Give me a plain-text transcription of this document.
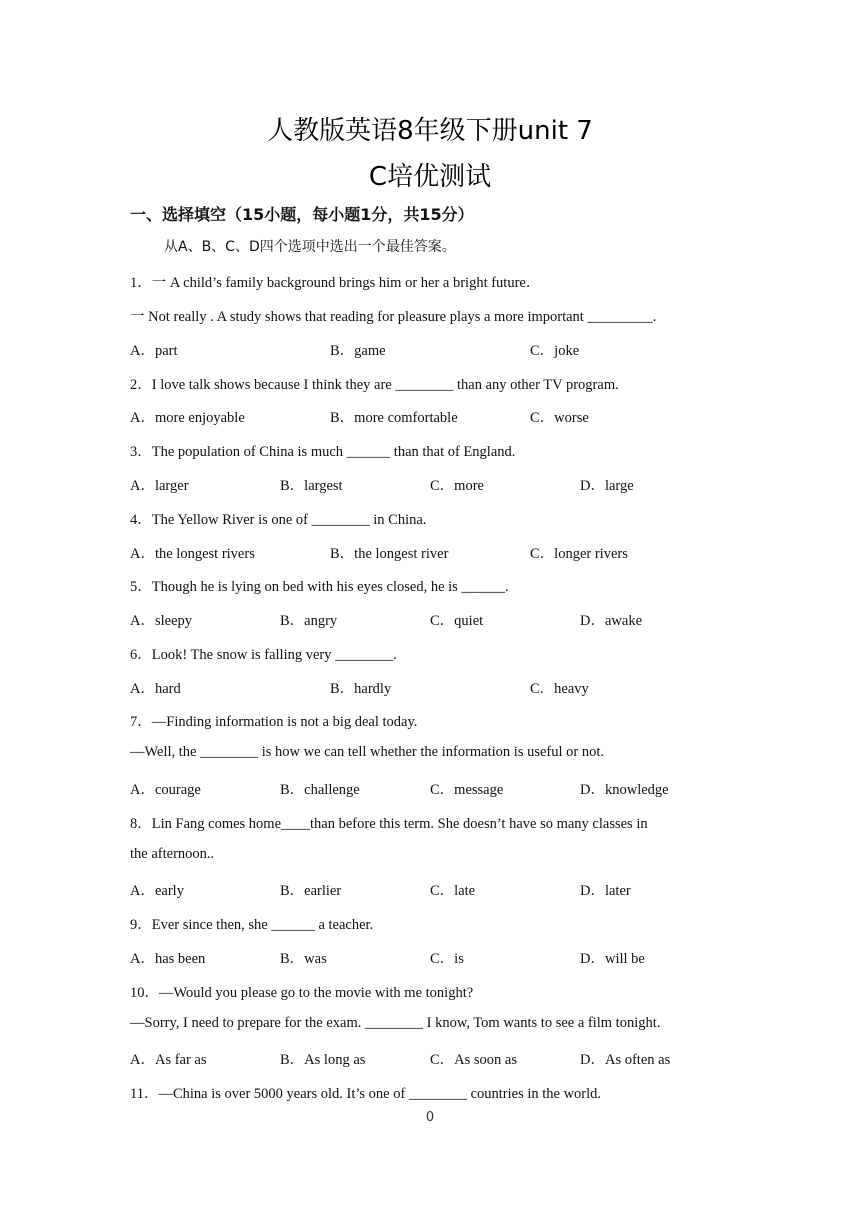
人教版英语8年级下册unit 7
C培优测试
一、选择填空（15小题，每小题1分，共15分）
从A、B、C、D四个选项中选出一个最佳答案。
1．一 A child’s family background brings him or her a bright future．
一 Not really . A study shows that reading for pleasure plays a more important _________.
A．part	B．game	C．joke
2．I love talk shows because I think they are ________ than any other TV program.
A．more enjoyable	B．more comfortable	C．worse
3．The population of China is much ______ than that of England.
A．larger	B．largest	C．more	D．large
4．The Yellow River is one of ________ in China.
A．the longest rivers	B．the longest river	C．longer rivers
5．Though he is lying on bed with his eyes closed, he is ______.
A．sleepy	B．angry	C．quiet	D．awake
6．Look! The snow is falling very ________.
A．hard	B．hardly	C．heavy
7．—Finding information is not a big deal today.
—Well, the ________ is how we can tell whether the information is useful or not.
A．courage	B．challenge	C．message	D．knowledge
8．Lin Fang comes home____than before this term. She doesn’t have so many classes in
the afternoon..
A．early	B．earlier	C．late	D．later
9．Ever since then, she ______ a teacher.
A．has been	B．was	C．is	D．will be
10．—Would you please go to the movie with me tonight?
—Sorry, I need to prepare for the exam. ________ I know, Tom wants to see a film tonight.
A．As far as	B．As long as	C．As soon as	D．As often as
11．—China is over 5000 years old. It’s one of ________ countries in the world.
0
